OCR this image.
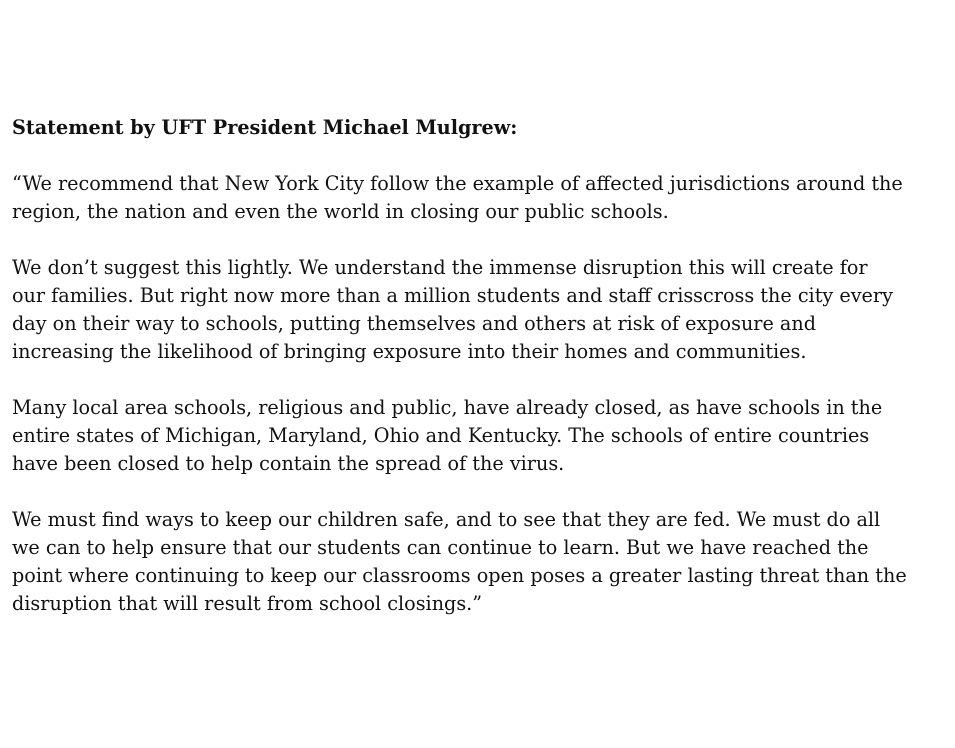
Statement by UFT President Michael Mulgrew:
“We recommend that New York City follow the example of affected jurisdictions around the
region, the nation and even the world in closing our public schools.
We don’t suggest this lightly. We understand the immense disruption this will create for
our families. But right now more than a million students and staff crisscross the city every
day on their way to schools, putting themselves and others at risk of exposure and
increasing the likelihood of bringing exposure into their homes and communities.
Many local area schools, religious and public, have already closed, as have schools in the
entire states of Michigan, Maryland, Ohio and Kentucky. The schools of entire countries
have been closed to help contain the spread of the virus.
We must find ways to keep our children safe, and to see that they are fed. We must do all
we can to help ensure that our students can continue to learn. But we have reached the
point where continuing to keep our classrooms open poses a greater lasting threat than the
disruption that will result from school closings.”
